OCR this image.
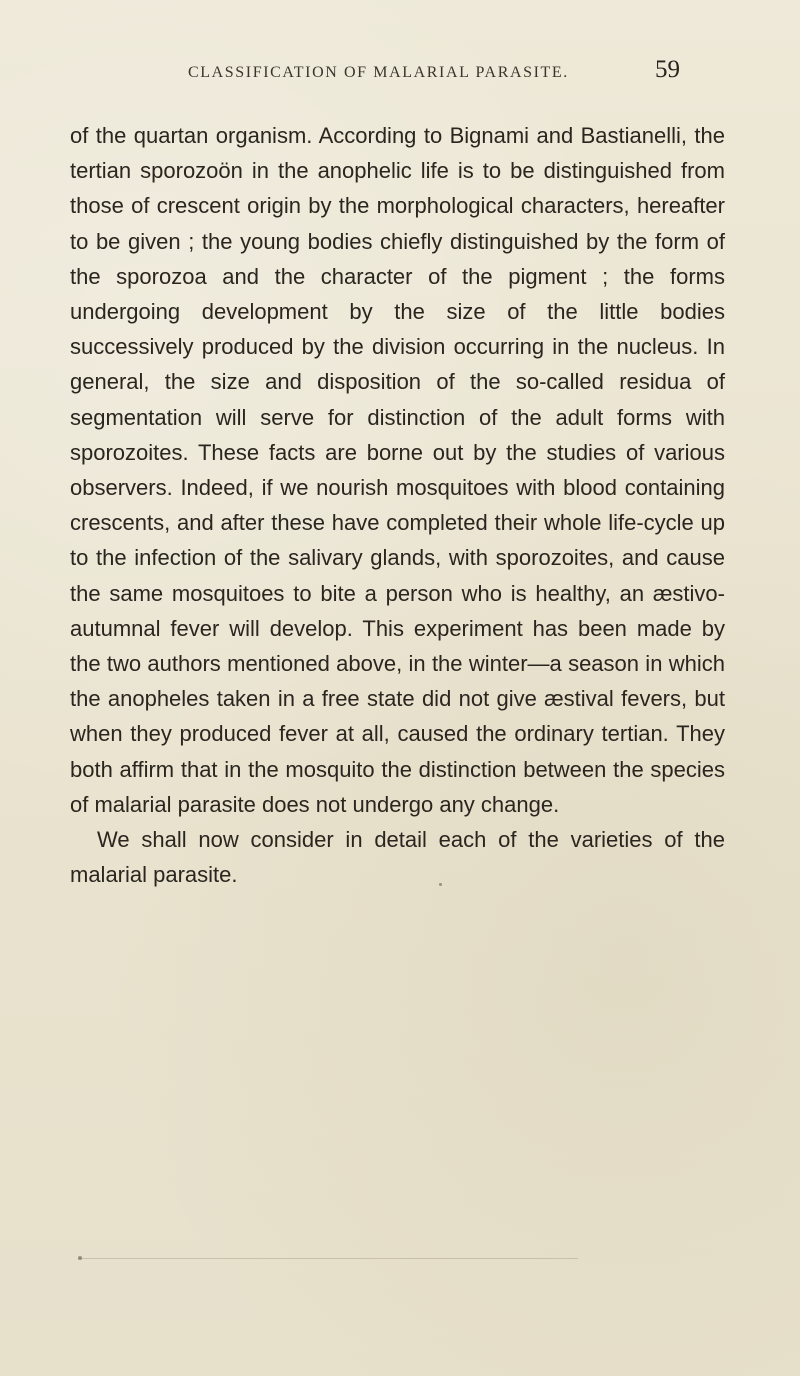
CLASSIFICATION OF MALARIAL PARASITE.	59

of the quartan organism. According to Bignami and Bastianelli, the tertian sporozoön in the anophelic life is to be distinguished from those of crescent origin by the morphological characters, hereafter to be given ; the young bodies chiefly distinguished by the form of the sporozoa and the character of the pigment ; the forms undergoing development by the size of the little bodies successively produced by the division occurring in the nucleus. In general, the size and disposition of the so-called residua of segmentation will serve for distinction of the adult forms with sporozoites. These facts are borne out by the studies of various observers. Indeed, if we nourish mosquitoes with blood containing crescents, and after these have completed their whole life-cycle up to the infection of the salivary glands, with sporozoites, and cause the same mosquitoes to bite a person who is healthy, an æstivo-autumnal fever will develop. This experiment has been made by the two authors mentioned above, in the winter—a season in which the anopheles taken in a free state did not give æstival fevers, but when they produced fever at all, caused the ordinary tertian. They both affirm that in the mosquito the distinction between the species of malarial parasite does not undergo any change.

We shall now consider in detail each of the varieties of the malarial parasite.
